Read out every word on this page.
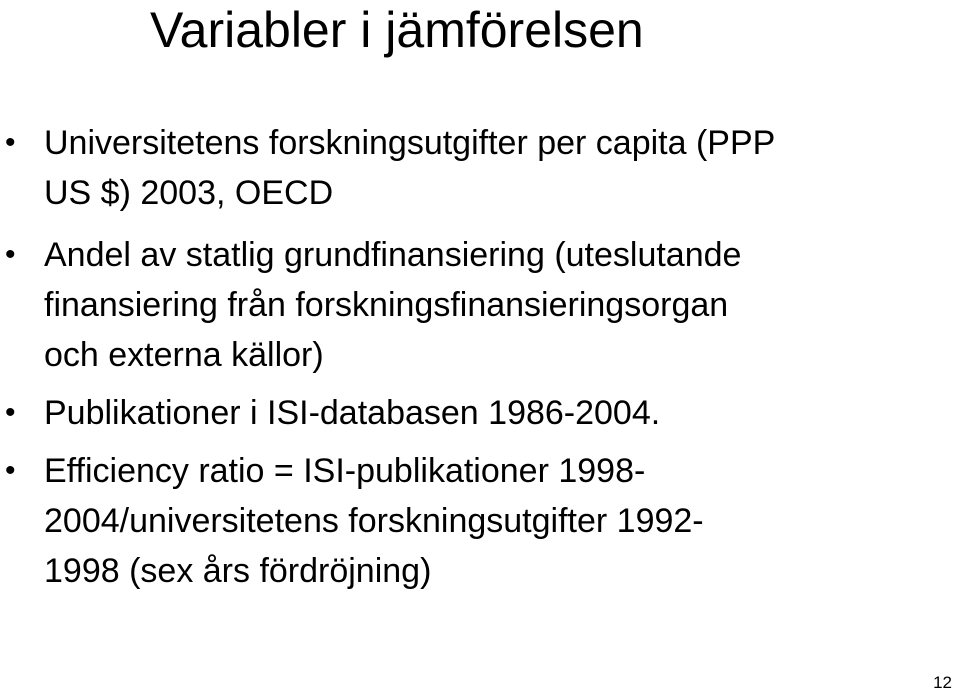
Variabler i jämförelsen
• Universitetens forskningsutgifter per capita (PPP
US $) 2003, OECD
• Andel av statlig grundfinansiering (uteslutande
finansiering från forskningsfinansieringsorgan
och externa källor)
• Publikationer i ISI-databasen 1986-2004.
• Efficiency ratio = ISI-publikationer 1998-
2004/universitetens forskningsutgifter 1992-
1998 (sex års fördröjning)
12
